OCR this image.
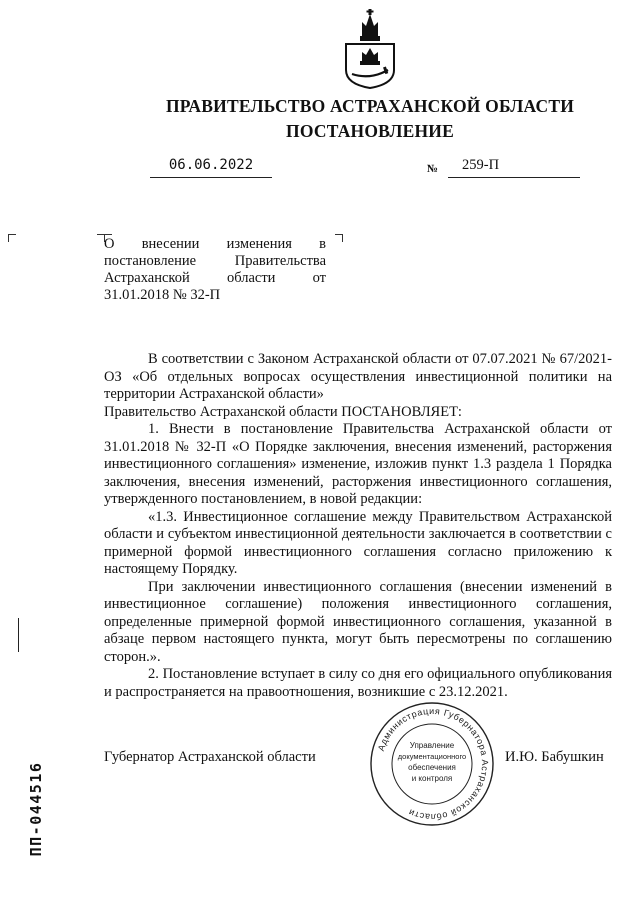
ПРАВИТЕЛЬСТВО АСТРАХАНСКОЙ ОБЛАСТИ
ПОСТАНОВЛЕНИЕ
06.06.2022	№ 259-П
О внесении изменения в постановление Правительства Астраханской области от 31.01.2018 № 32-П

В соответствии с Законом Астраханской области от 07.07.2021 № 67/2021-ОЗ «Об отдельных вопросах осуществления инвестиционной политики на территории Астраханской области»

Правительство Астраханской области ПОСТАНОВЛЯЕТ:

1. Внести в постановление Правительства Астраханской области от 31.01.2018 № 32-П «О Порядке заключения, внесения изменений, расторжения инвестиционного соглашения» изменение, изложив пункт 1.3 раздела 1 Порядка заключения, внесения изменений, расторжения инвестиционного соглашения, утвержденного постановлением, в новой редакции:

«1.3. Инвестиционное соглашение между Правительством Астраханской области и субъектом инвестиционной деятельности заключается в соответствии с примерной формой инвестиционного соглашения согласно приложению к настоящему Порядку.

При заключении инвестиционного соглашения (внесении изменений в инвестиционное соглашение) положения инвестиционного соглашения, определенные примерной формой инвестиционного соглашения, указанной в абзаце первом настоящего пункта, могут быть пересмотрены по соглашению сторон.».

2. Постановление вступает в силу со дня его официального опубликования и распространяется на правоотношения, возникшие с 23.12.2021.

Администрация Губернатора Астраханской области
Управление
документационного
обеспечения
и контроля
Губернатор Астраханской области	И.Ю. Бабушкин
ПП-044516
